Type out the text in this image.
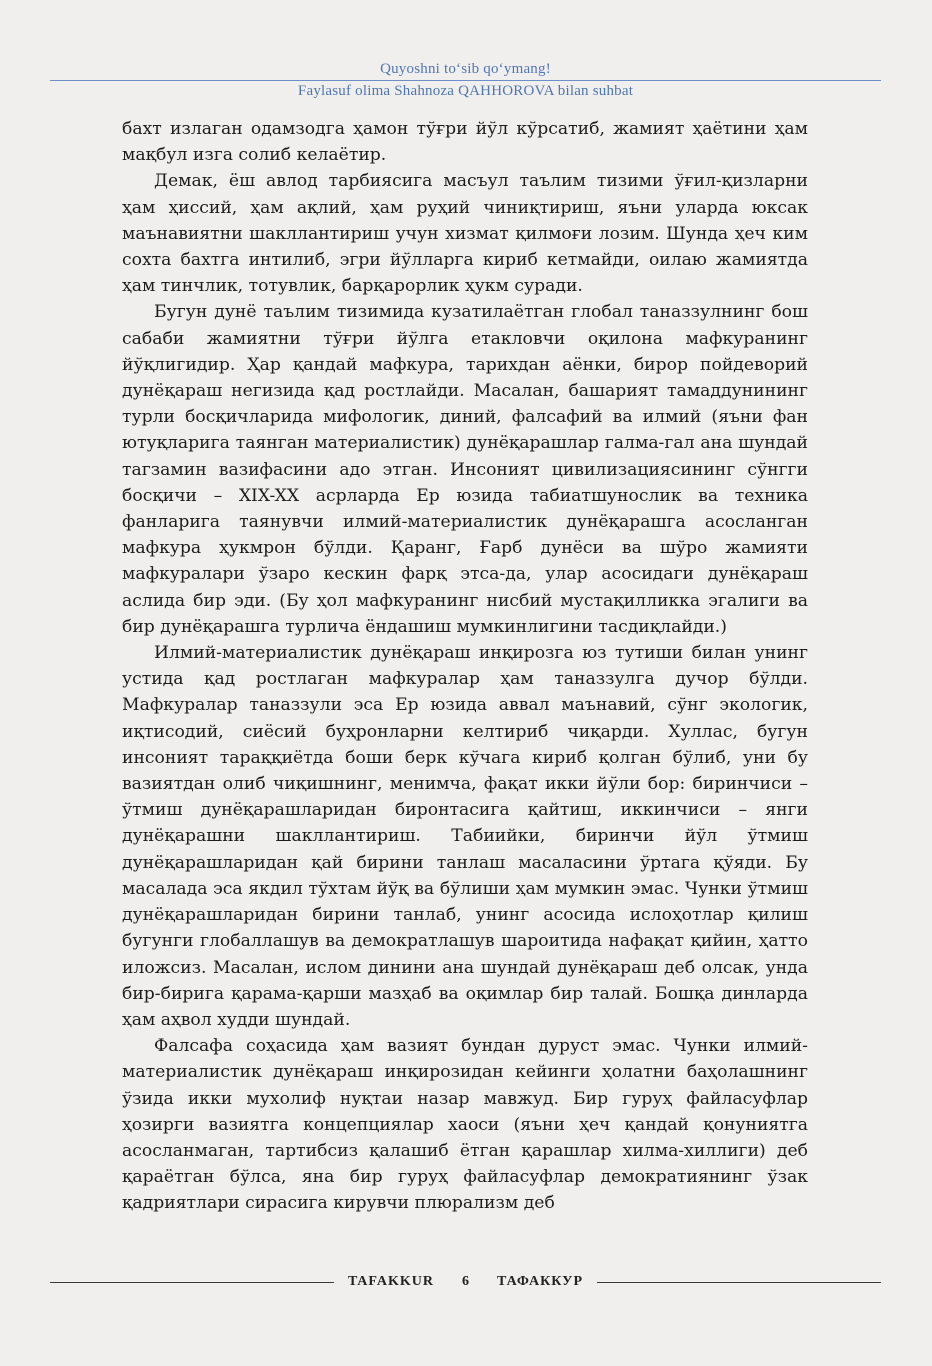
Quyoshni to‘sib qo‘ymang!
Faylasuf olima Shahnoza QAHHOROVA bilan suhbat

бахт излаган одамзодга ҳамон тўғри йўл кўрсатиб, жамият ҳаётини ҳам мақбул изга солиб келаётир.

Демак, ёш авлод тарбиясига масъул таълим тизими ўғил-қизларни ҳам ҳиссий, ҳам ақлий, ҳам руҳий чиниқтириш, яъни уларда юксак маънавиятни шакллантириш учун хизмат қилмоғи лозим. Шунда ҳеч ким сохта бахтга интилиб, эгри йўлларга кириб кетмайди, оилаю жамиятда ҳам тинчлик, тотувлик, барқарорлик ҳукм суради.

Бугун дунё таълим тизимида кузатилаётган глобал таназзулнинг бош сабаби жамиятни тўғри йўлга етакловчи оқилона мафкуранинг йўқлигидир. Ҳар қандай мафкура, тарихдан аёнки, бирор пойдеворий дунёқараш негизида қад ростлайди. Масалан, башарият тамаддунининг турли босқичларида мифологик, диний, фалсафий ва илмий (яъни фан ютуқларига таянган материалистик) дунёқарашлар галма-гал ана шундай тагзамин вазифасини адо этган. Инсоният цивилизациясининг сўнгги босқичи – XIX-XX асрларда Ер юзида табиатшунослик ва техника фанларига таянувчи илмий-материалистик дунёқарашга асосланган мафкура ҳукмрон бўлди. Қаранг, Ғарб дунёси ва шўро жамияти мафкуралари ўзаро кескин фарқ этса-да, улар асосидаги дунёқараш аслида бир эди. (Бу ҳол мафкуранинг нисбий мустақилликка эгалиги ва бир дунёқарашга турлича ёндашиш мумкинлигини тасдиқлайди.)

Илмий-материалистик дунёқараш инқирозга юз тутиши билан унинг устида қад ростлаган мафкуралар ҳам таназзулга дучор бўлди. Мафкуралар таназзули эса Ер юзида аввал маънавий, сўнг экологик, иқтисодий, сиёсий буҳронларни келтириб чиқарди. Хуллас, бугун инсоният тараққиётда боши берк кўчага кириб қолган бўлиб, уни бу вазиятдан олиб чиқишнинг, менимча, фақат икки йўли бор: биринчиси – ўтмиш дунёқарашларидан биронтасига қайтиш, иккинчиси – янги дунёқарашни шакллантириш. Табиийки, биринчи йўл ўтмиш дунёқарашларидан қай бирини танлаш масаласини ўртага қўяди. Бу масалада эса якдил тўхтам йўқ ва бўлиши ҳам мумкин эмас. Чунки ўтмиш дунёқарашларидан бирини танлаб, унинг асосида ислоҳотлар қилиш бугунги глобаллашув ва демократлашув шароитида нафақат қийин, ҳатто иложсиз. Масалан, ислом динини ана шундай дунёқараш деб олсак, унда бир-бирига қарама-қарши мазҳаб ва оқимлар бир талай. Бошқа динларда ҳам аҳвол худди шундай.

Фалсафа соҳасида ҳам вазият бундан дуруст эмас. Чунки илмий-материалистик дунёқараш инқирозидан кейинги ҳолатни баҳолашнинг ўзида икки мухолиф нуқтаи назар мавжуд. Бир гуруҳ файласуфлар ҳозирги вазиятга концепциялар хаоси (яъни ҳеч қандай қонуниятга асосланмаган, тартибсиз қалашиб ётган қарашлар хилма-хиллиги) деб қараётган бўлса, яна бир гуруҳ файласуфлар демократиянинг ўзак қадриятлари сирасига кирувчи плюрализм деб

TAFAKKUR	6	ТАФАККУР
